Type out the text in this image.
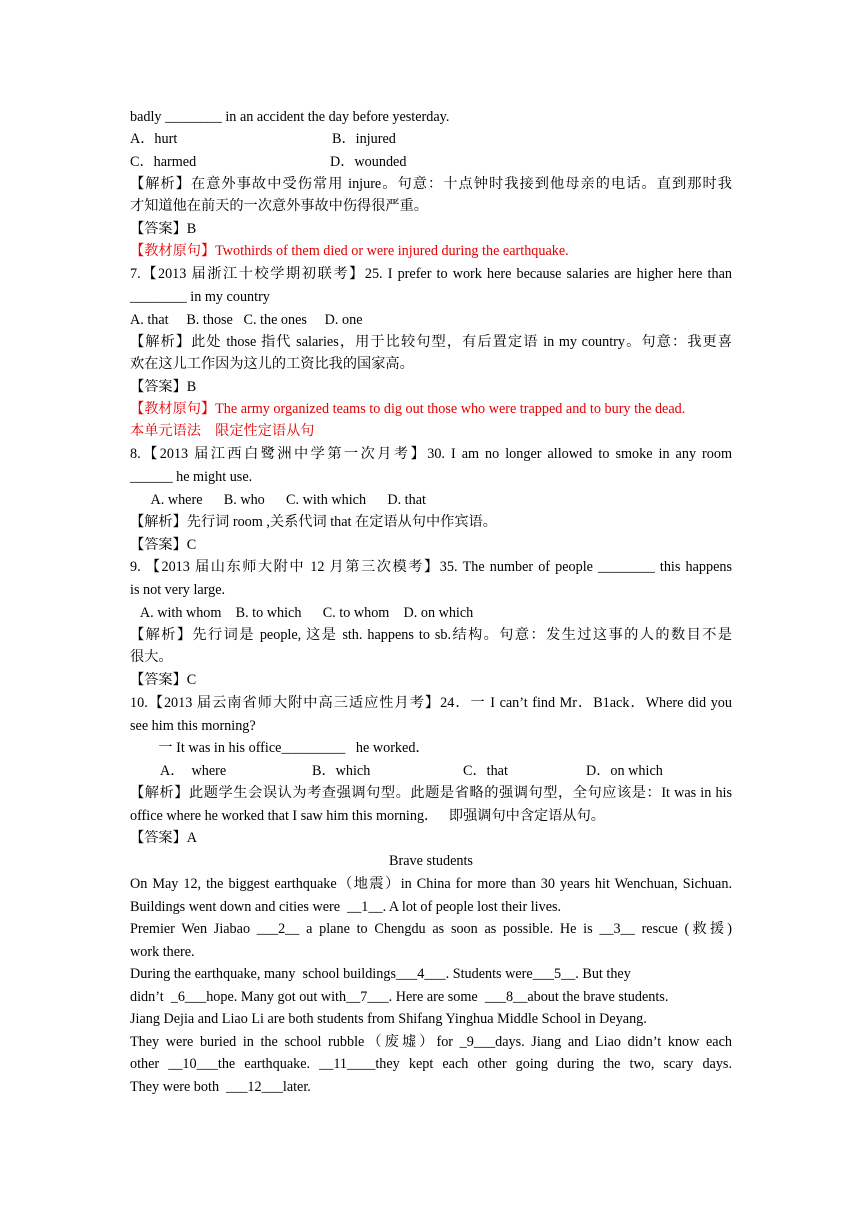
badly ________ in an accident the day before yesterday.
A．hurt	B．injured
C．harmed	D．wounded
【解析】在意外事故中受伤常用 injure。句意：十点钟时我接到他母亲的电话。直到那时我
才知道他在前天的一次意外事故中伤得很严重。
【答案】B
【教材原句】Twothirds of them died or were injured during the earthquake.
7.【2013 届浙江十校学期初联考】25. I prefer to work here because salaries are higher here than
________ in my country
A. that     B. those   C. the ones     D. one
【解析】此处 those 指代 salaries，用于比较句型，有后置定语 in my country。句意：我更喜
欢在这儿工作因为这儿的工资比我的国家高。
【答案】B
【教材原句】The army organized teams to dig out those who were trapped and to bury the dead.
本单元语法    限定性定语从句
8.【2013 届江西白鹭洲中学第一次月考】30. I am no longer allowed to smoke in any room
______ he might use.
A. where      B. who      C. with which      D. that
【解析】先行词 room ,关系代词 that 在定语从句中作宾语。
【答案】C
9. 【2013 届山东师大附中 12 月第三次模考】35. The number of people ________ this happens
is not very large.
A. with whom    B. to which      C. to whom    D. on which
【解析】先行词是 people, 这是 sth. happens to sb.结构。句意：发生过这事的人的数目不是
很大。
【答案】C
10.【2013 届云南省师大附中高三适应性月考】24．一 I can’t find Mr．B1ack．Where did you
see him this morning?
一 It was in his office_________   he worked．
A．  where	B．which	C．that	D．on which
【解析】此题学生会误认为考查强调句型。此题是省略的强调句型，全句应该是：It was in his
office where he worked that I saw him this morning．   即强调句中含定语从句。
【答案】A
Brave students
On May 12, the biggest earthquake（地震）in China for more than 30 years hit Wenchuan, Sichuan.
Buildings went down and cities were  __1__. A lot of people lost their lives.
Premier Wen Jiabao ___2__ a plane to Chengdu as soon as possible. He is __3__ rescue (救援)
work there.
During the earthquake, many  school buildings___4___. Students were___5__. But they
didn’t  _6___hope. Many got out with__7___. Here are some  ___8__about the brave students.
Jiang Dejia and Liao Li are both students from Shifang Yinghua Middle School in Deyang.
They were buried in the school rubble（废墟）for _9___days. Jiang and Liao didn’t know each
other __10___the earthquake. __11____they kept each other going during the two, scary days.
They were both  ___12___later.
